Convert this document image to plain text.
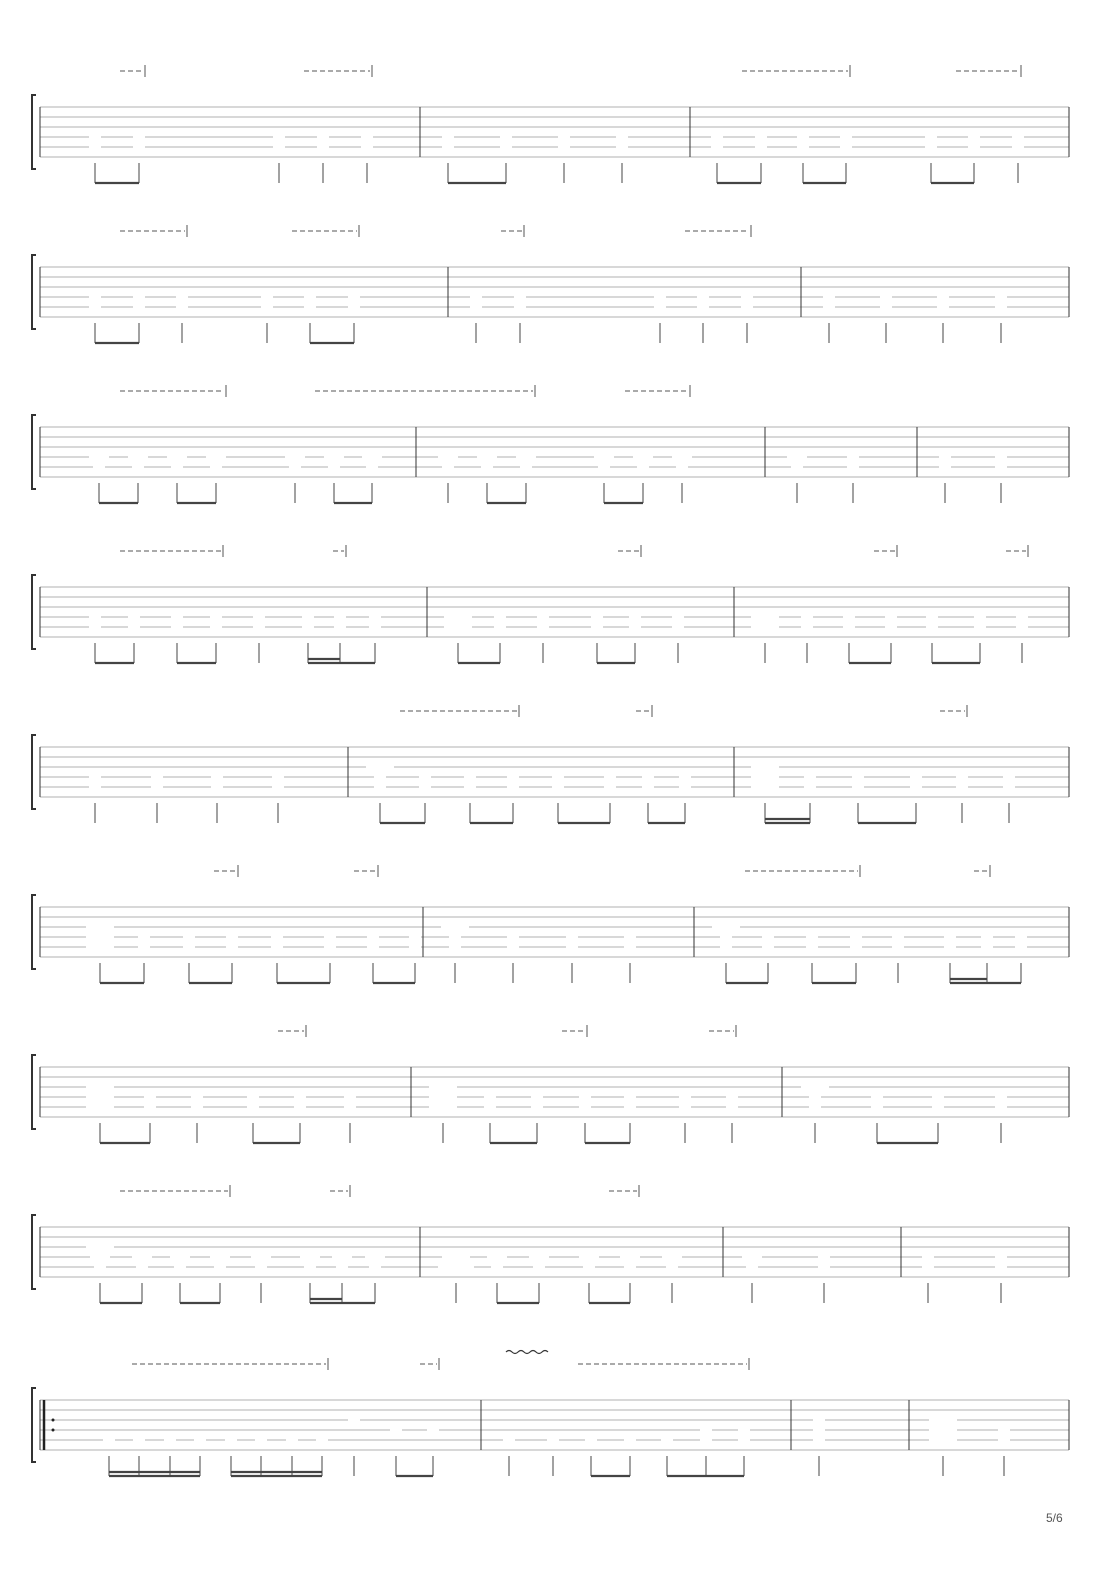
5/6
